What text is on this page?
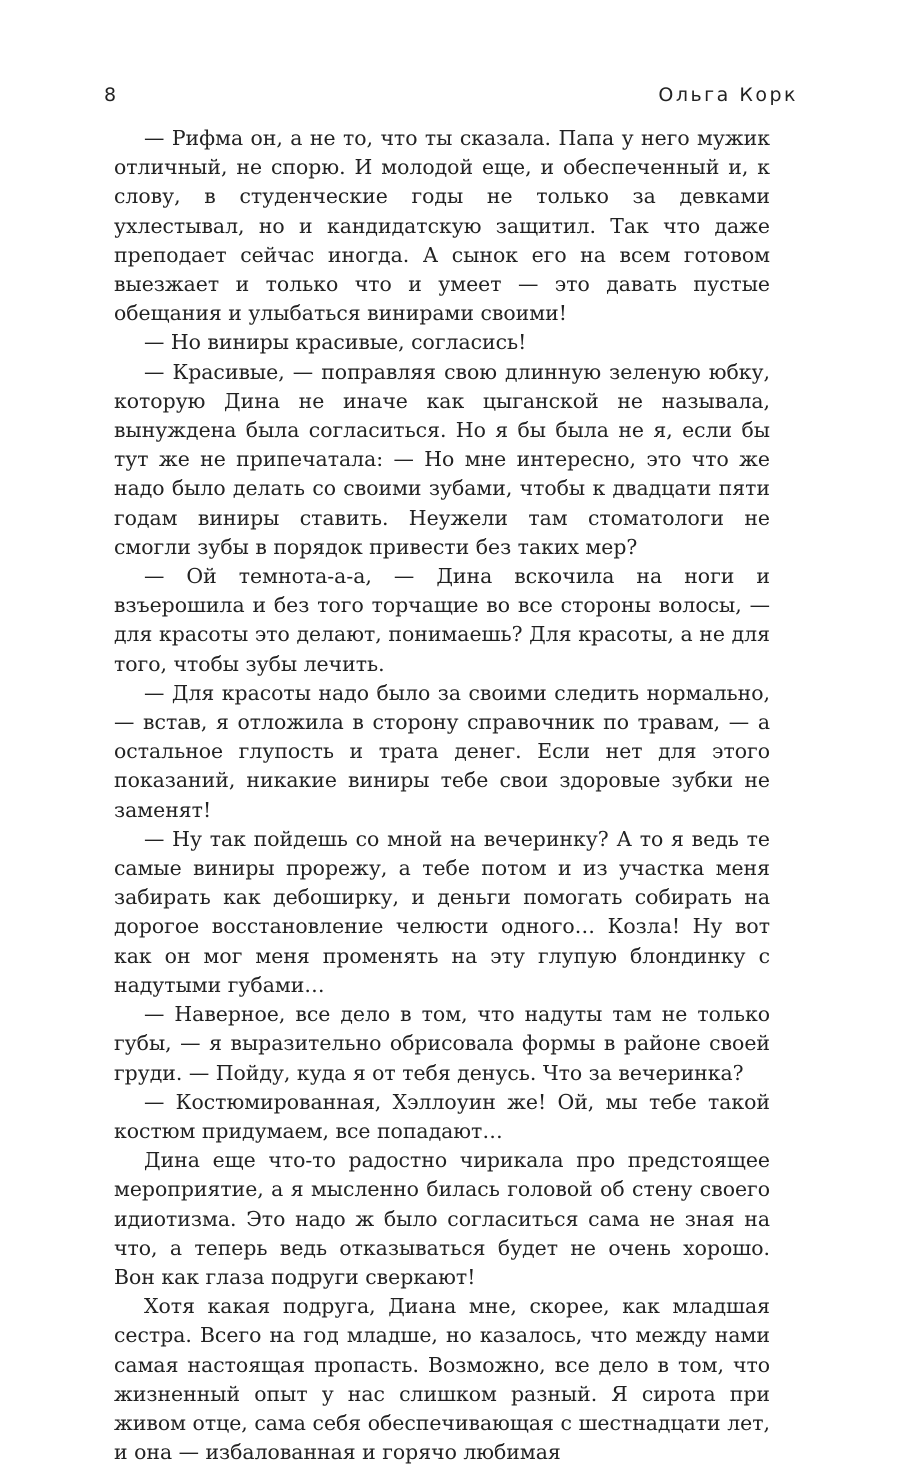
8	Ольга Корк

— Рифма он, а не то, что ты сказала. Папа у него мужик отличный, не спорю. И молодой еще, и обеспеченный и, к слову, в студенческие годы не только за девками ухлестывал, но и кандидатскую защитил. Так что даже преподает сейчас иногда. А сынок его на всем готовом выезжает и только что и умеет — это давать пустые обещания и улыбаться винирами своими!

— Но виниры красивые, согласись!

— Красивые, — поправляя свою длинную зеленую юбку, которую Дина не иначе как цыганской не называла, вынуждена была согласиться. Но я бы была не я, если бы тут же не припечатала: — Но мне интересно, это что же надо было делать со своими зубами, чтобы к двадцати пяти годам виниры ставить. Неужели там стоматологи не смогли зубы в порядок привести без таких мер?

— Ой темнота-а-а, — Дина вскочила на ноги и взъерошила и без того торчащие во все стороны волосы, — для красоты это делают, понимаешь? Для красоты, а не для того, чтобы зубы лечить.

— Для красоты надо было за своими следить нормально, — встав, я отложила в сторону справочник по травам, — а остальное глупость и трата денег. Если нет для этого показаний, никакие виниры тебе свои здоровые зубки не заменят!

— Ну так пойдешь со мной на вечеринку? А то я ведь те самые виниры прорежу, а тебе потом и из участка меня забирать как дебоширку, и деньги помогать собирать на дорогое восстановление челюсти одного… Козла! Ну вот как он мог меня променять на эту глупую блондинку с надутыми губами…

— Наверное, все дело в том, что надуты там не только губы, — я выразительно обрисовала формы в районе своей груди. — Пойду, куда я от тебя денусь. Что за вечеринка?

— Костюмированная, Хэллоуин же! Ой, мы тебе такой костюм придумаем, все попадают…

Дина еще что-то радостно чирикала про предстоящее мероприятие, а я мысленно билась головой об стену своего идиотизма. Это надо ж было согласиться сама не зная на что, а теперь ведь отказываться будет не очень хорошо. Вон как глаза подруги сверкают!

Хотя какая подруга, Диана мне, скорее, как младшая сестра. Всего на год младше, но казалось, что между нами самая настоящая пропасть. Возможно, все дело в том, что жизненный опыт у нас слишком разный. Я сирота при живом отце, сама себя обеспечивающая с шестнадцати лет, и она — избалованная и горячо любимая
